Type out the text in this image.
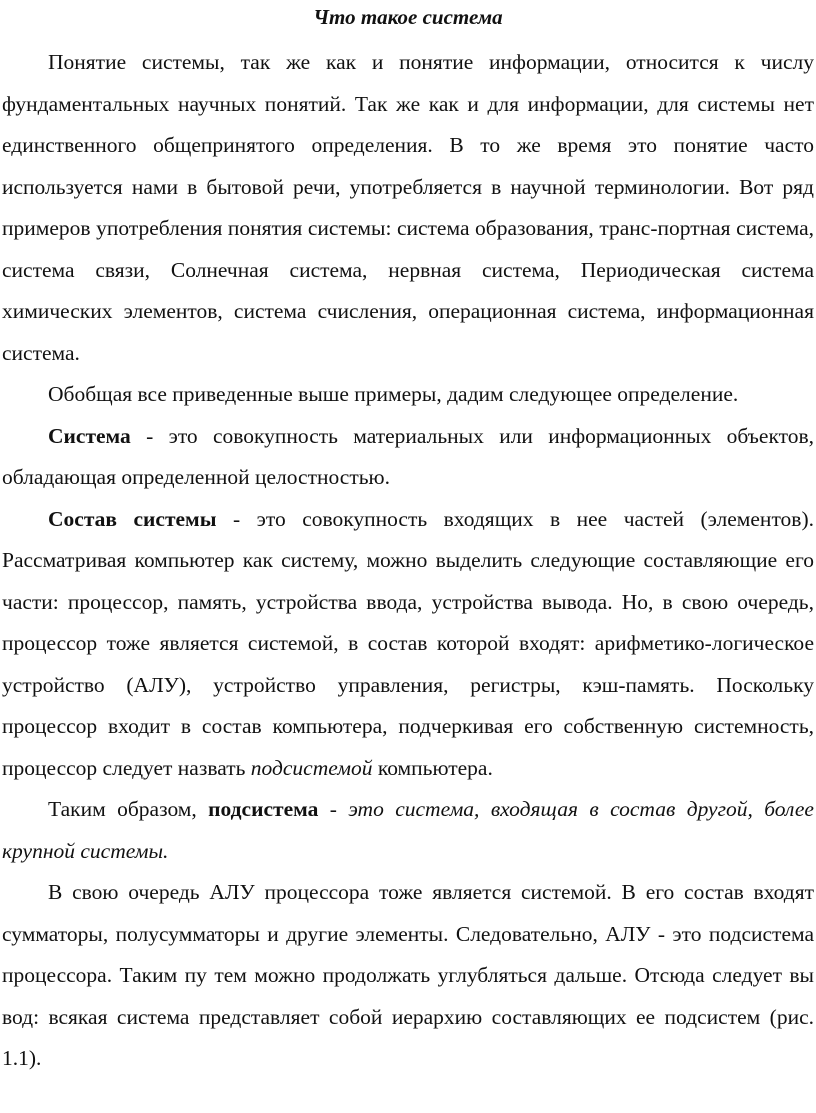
Что такое система

Понятие системы, так же как и понятие информации, относится к числу фундаментальных научных понятий. Так же как и для информации, для системы нет единственного общепринятого определения. В то же время это понятие часто используется нами в бытовой речи, употребляется в научной терминологии. Вот ряд примеров употребления понятия системы: система образования, транс-портная система, система связи, Солнечная система, нервная система, Периодическая система химических элементов, система счисления, операционная система, информационная система.

Обобщая все приведенные выше примеры, дадим следующее определение.

Система - это совокупность материальных или информационных объектов, обладающая определенной целостностью.

Состав системы - это совокупность входящих в нее частей (элементов). Рассматривая компьютер как систему, можно выделить следующие составляющие его части: процессор, память, устройства ввода, устройства вывода. Но, в свою очередь, процессор тоже является системой, в состав которой входят: арифметико-логическое устройство (АЛУ), устройство управления, регистры, кэш-память. Поскольку процессор входит в состав компьютера, подчеркивая его собственную системность, процессор следует назвать подсистемой компьютера.

Таким образом, подсистема - это система, входящая в состав другой, более крупной системы.

В свою очередь АЛУ процессора тоже является системой. В его состав входят сумматоры, полусумматоры и другие элементы. Следовательно, АЛУ - это подсистема процессора. Таким пу тем можно продолжать углубляться дальше. Отсюда следует вы вод: всякая система представляет собой иерархию составляющих ее подсистем (рис. 1.1).
